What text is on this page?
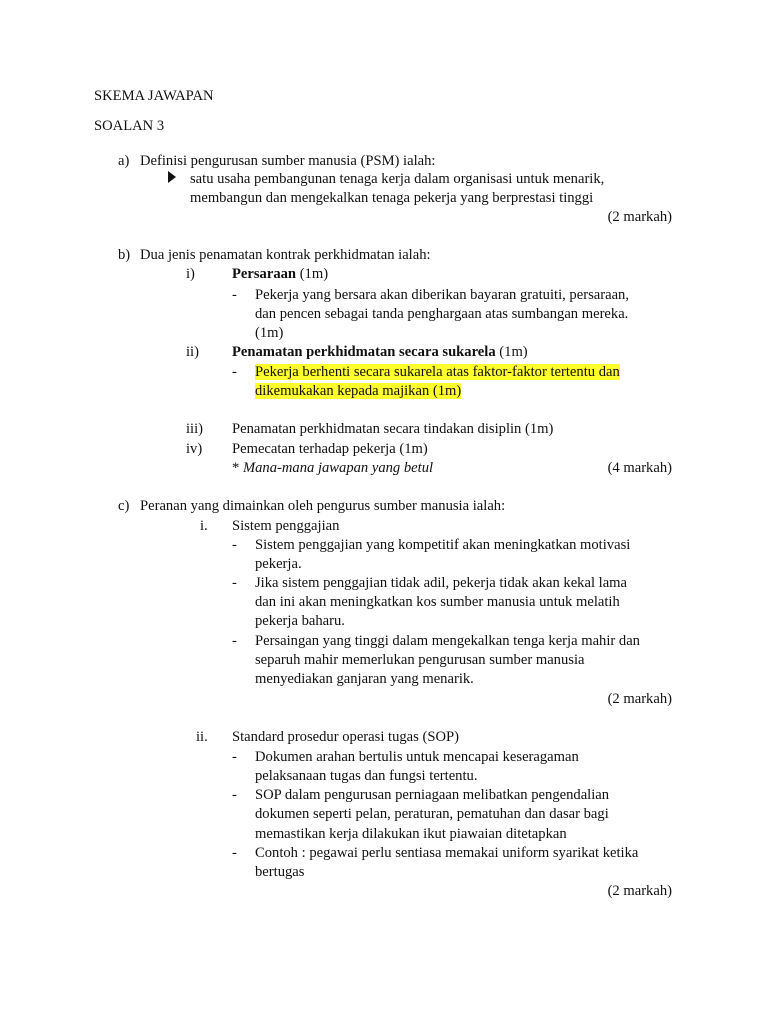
SKEMA JAWAPAN
SOALAN 3
a) Definisi pengurusan sumber manusia (PSM) ialah:
satu usaha pembangunan tenaga kerja dalam organisasi untuk menarik,
membangun dan mengekalkan tenaga pekerja yang berprestasi tinggi
(2 markah)
b) Dua jenis penamatan kontrak perkhidmatan ialah:
i)	Persaraan (1m)
- Pekerja yang bersara akan diberikan bayaran gratuiti, persaraan,
dan pencen sebagai tanda penghargaan atas sumbangan mereka.
(1m)
ii) Penamatan perkhidmatan secara sukarela (1m)
- Pekerja berhenti secara sukarela atas faktor-faktor tertentu dan
dikemukakan kepada majikan (1m)
iii) Penamatan perkhidmatan secara tindakan disiplin (1m)
iv) Pemecatan terhadap pekerja (1m)
* Mana-mana jawapan yang betul	(4 markah)
c) Peranan yang dimainkan oleh pengurus sumber manusia ialah:
i. Sistem penggajian
- Sistem penggajian yang kompetitif akan meningkatkan motivasi
pekerja.
- Jika sistem penggajian tidak adil, pekerja tidak akan kekal lama
dan ini akan meningkatkan kos sumber manusia untuk melatih
pekerja baharu.
- Persaingan yang tinggi dalam mengekalkan tenga kerja mahir dan
separuh mahir memerlukan pengurusan sumber manusia
menyediakan ganjaran yang menarik.
(2 markah)
ii. Standard prosedur operasi tugas (SOP)
- Dokumen arahan bertulis untuk mencapai keseragaman
pelaksanaan tugas dan fungsi tertentu.
- SOP dalam pengurusan perniagaan melibatkan pengendalian
dokumen seperti pelan, peraturan, pematuhan dan dasar bagi
memastikan kerja dilakukan ikut piawaian ditetapkan
- Contoh : pegawai perlu sentiasa memakai uniform syarikat ketika
bertugas
(2 markah)
